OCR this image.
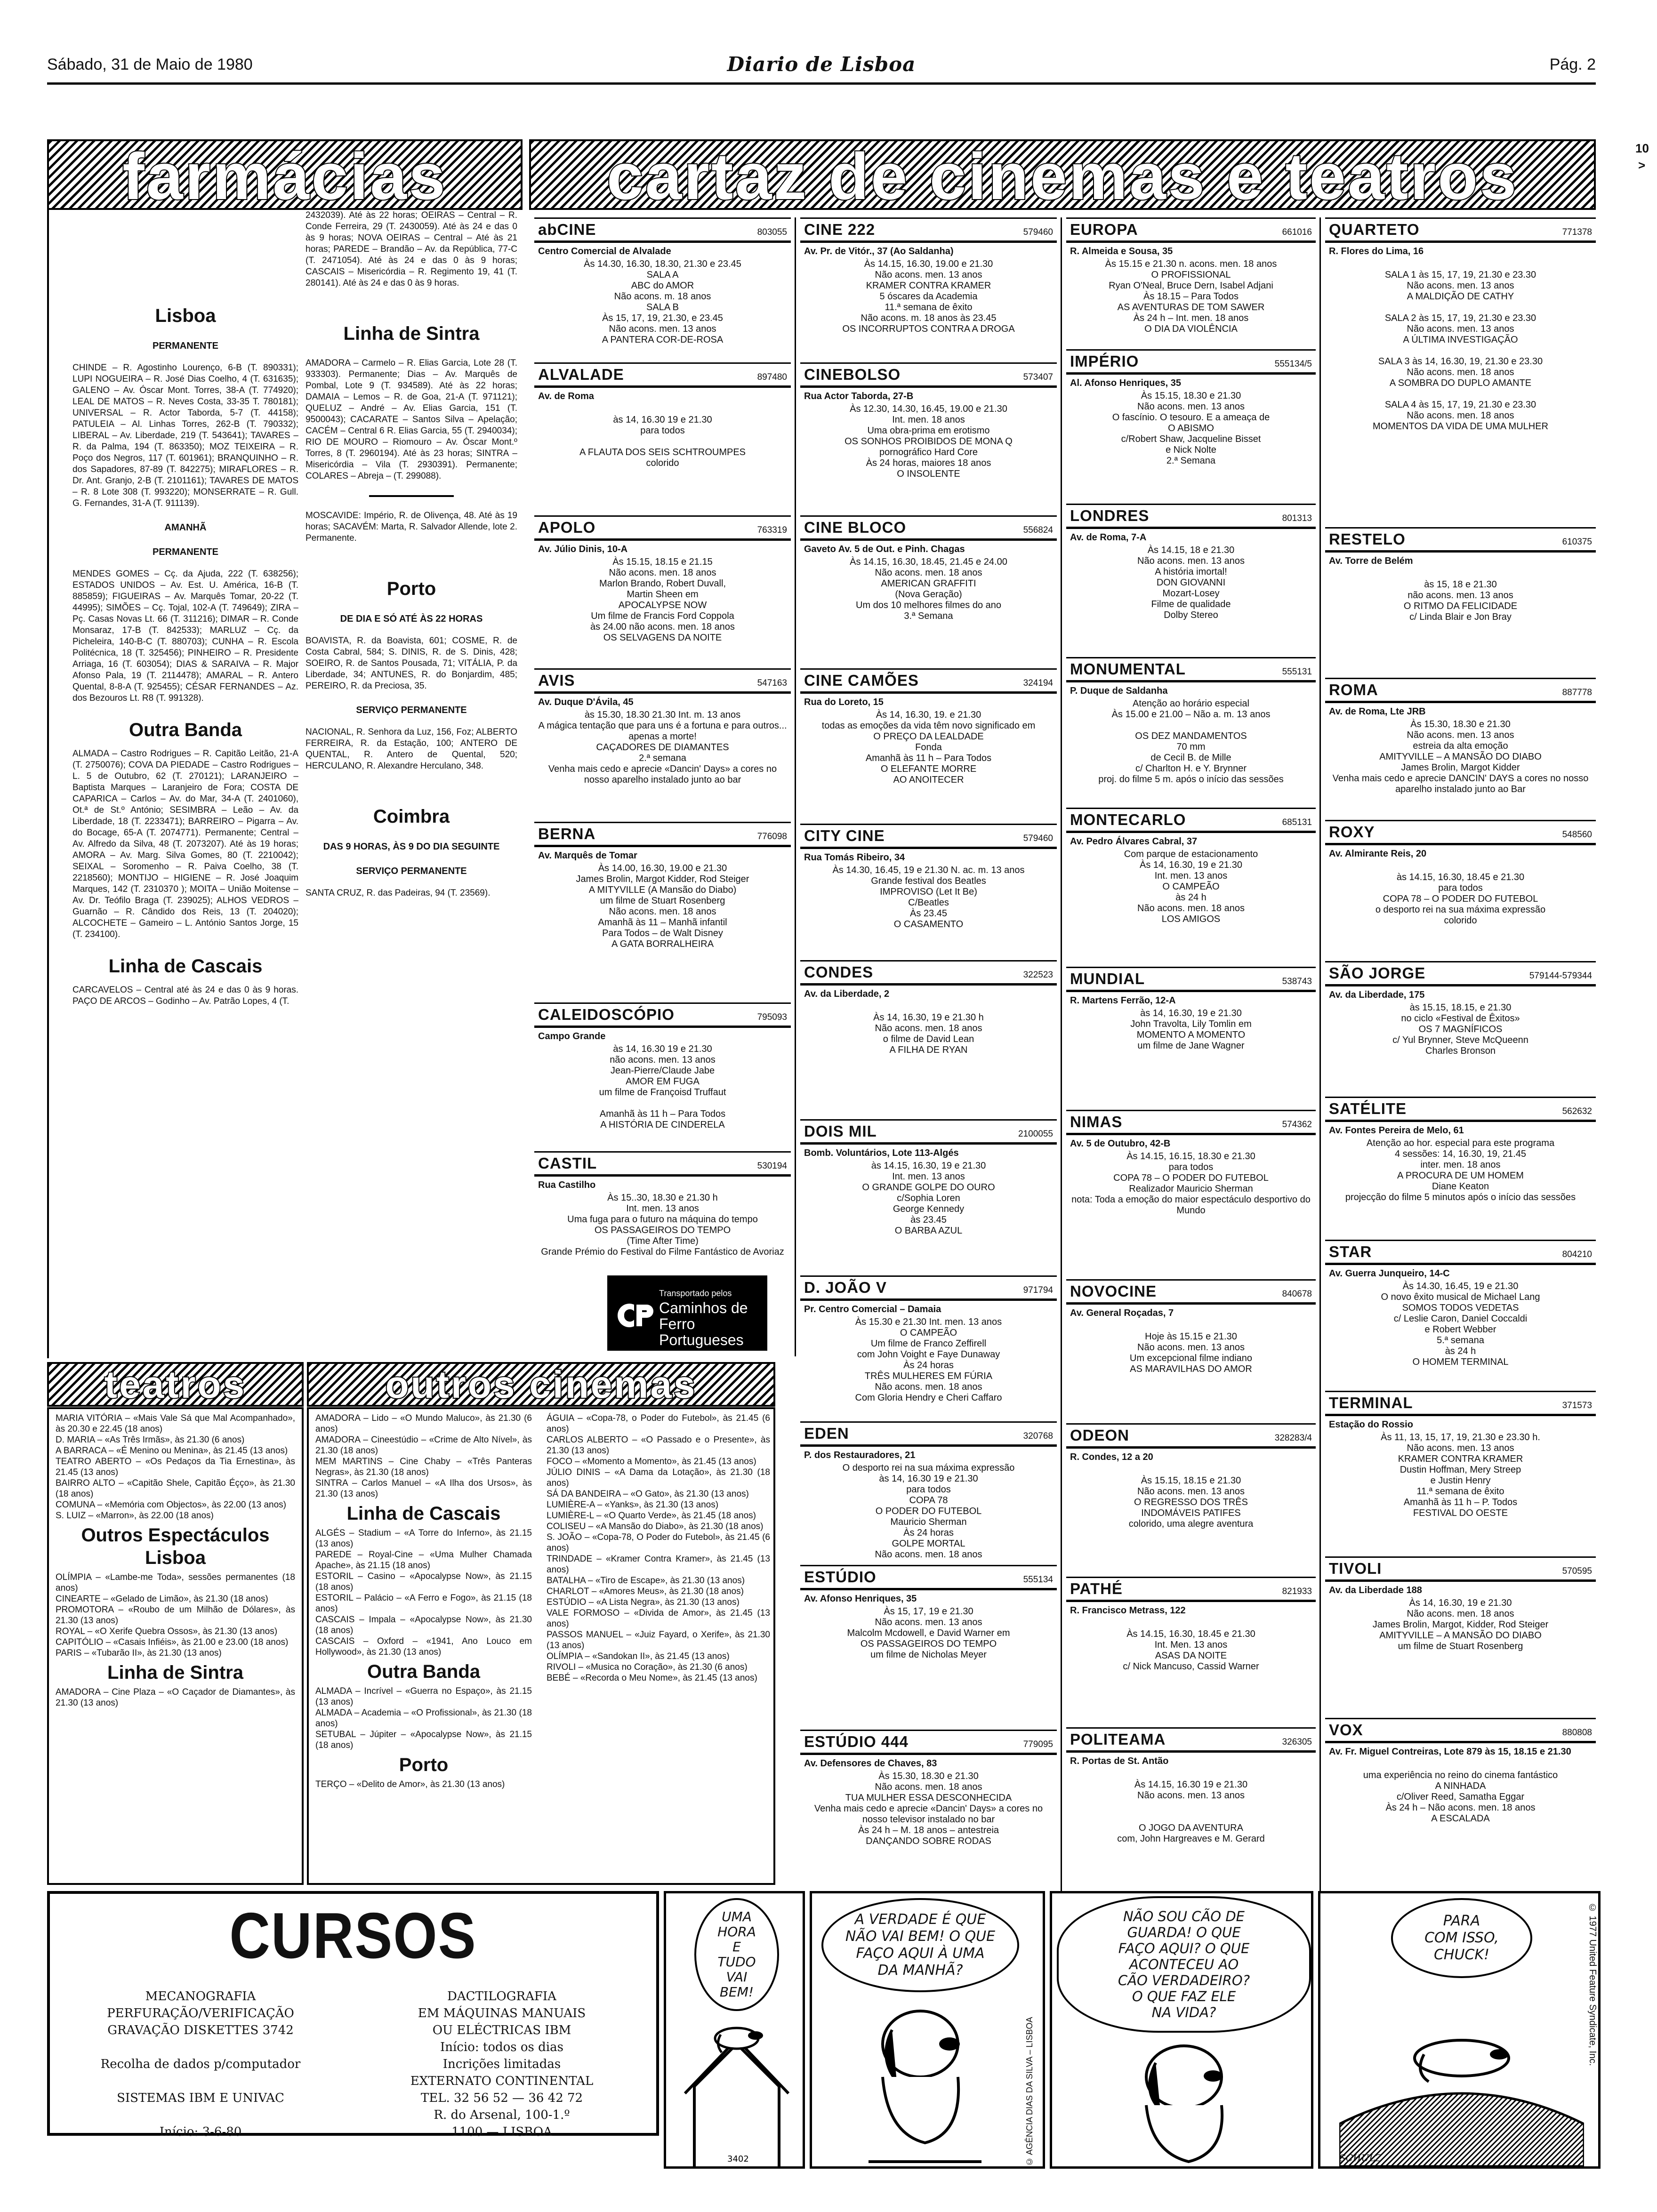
Sábado, 31 de Maio de 1980	Diario de Lisboa	Pág. 2
10
>
farmácias	cartaz de cinemas e teatros
Lisboa
PERMANENTE
CHINDE – R. Agostinho Lourenço, 6-B (T. 890331); LUPI NOGUEIRA – R. José Dias Coelho, 4 (T. 631635); GALENO – Av. Óscar Mont. Torres, 38-A (T. 774920); LEAL DE MATOS – R. Neves Costa, 33-35 T. 780181); UNIVERSAL – R. Actor Taborda, 5-7 (T. 44158); PATULEIA – Al. Linhas Torres, 262-B (T. 790332); LIBERAL – Av. Liberdade, 219 (T. 543641); TAVARES – R. da Palma, 194 (T. 863350); MOZ TEIXEIRA – R. Poço dos Negros, 117 (T. 601961); BRANQUINHO – R. dos Sapadores, 87-89 (T. 842275); MIRAFLORES – R. Dr. Ant. Granjo, 2-B (T. 2101161); TAVARES DE MATOS – R. 8 Lote 308 (T. 993220); MONSERRATE – R. Gull. G. Fernandes, 31-A (T. 911139).
AMANHÃ
PERMANENTE
MENDES GOMES – Cç. da Ajuda, 222 (T. 638256); ESTADOS UNIDOS – Av. Est. U. América, 16-B (T. 885859); FIGUEIRAS – Av. Marquês Tomar, 20-22 (T. 44995); SIMÕES – Cç. Tojal, 102-A (T. 749649); ZIRA – Pç. Casas Novas Lt. 66 (T. 311216); DIMAR – R. Conde Monsaraz, 17-B (T. 842533); MARLUZ – Cç. da Picheleira, 140-B-C (T. 880703); CUNHA – R. Escola Politécnica, 18 (T. 325456); PINHEIRO – R. Presidente Arriaga, 16 (T. 603054); DIAS & SARAIVA – R. Major Afonso Pala, 19 (T. 2114478); AMARAL – R. Antero Quental, 8-8-A (T. 925455); CÉSAR FERNANDES – Az. dos Bezouros Lt. R8 (T. 991328).
Outra Banda
ALMADA – Castro Rodrigues – R. Capitão Leitão, 21-A (T. 2750076); COVA DA PIEDADE – Castro Rodrigues – L. 5 de Outubro, 62 (T. 270121); LARANJEIRO – Baptista Marques – Laranjeiro de Fora; COSTA DE CAPARICA – Carlos – Av. do Mar, 34-A (T. 2401060), Ot.ª de St.º António; SESIMBRA – Leão – Av. da Liberdade, 18 (T. 2233471); BARREIRO – Pigarra – Av. do Bocage, 65-A (T. 2074771). Permanente; Central – Av. Alfredo da Silva, 48 (T. 2073207). Até às 19 horas; AMORA – Av. Marg. Silva Gomes, 80 (T. 2210042); SEIXAL – Soromenho – R. Paiva Coelho, 38 (T. 2218560); MONTIJO – HIGIENE – R. José Joaquim Marques, 142 (T. 2310370 ); MOITA – União Moitense – Av. Dr. Teófilo Braga (T. 239025); ALHOS VEDROS – Guarnão – R. Cândido dos Reis, 13 (T. 204020); ALCOCHETE – Gameiro – L. António Santos Jorge, 15 (T. 234100).
Linha de Cascais
CARCAVELOS – Central até às 24 e das 0 às 9 horas. PAÇO DE ARCOS – Godinho – Av. Patrão Lopes, 4 (T.
2432039). Até às 22 horas; OEIRAS – Central – R. Conde Ferreira, 29 (T. 2430059). Até às 24 e das 0 às 9 horas; NOVA OEIRAS – Central – Até às 21 horas; PAREDE – Brandão – Av. da República, 77-C (T. 2471054). Até às 24 e das 0 às 9 horas; CASCAIS – Misericórdia – R. Regimento 19, 41 (T. 280141). Até às 24 e das 0 às 9 horas.
Linha de Sintra
AMADORA – Carmelo – R. Elias Garcia, Lote 28 (T. 933303). Permanente; Dias – Av. Marquês de Pombal, Lote 9 (T. 934589). Até às 22 horas; DAMAIA – Lemos – R. de Goa, 21-A (T. 971121); QUELUZ – André – Av. Elias Garcia, 151 (T. 9500043); CACARATE – Santos Silva – Apelação; CACÉM – Central 6 R. Elias Garcia, 55 (T. 2940034); RIO DE MOURO – Riomouro – Av. Óscar Mont.º Torres, 8 (T. 2960194). Até às 23 horas; SINTRA – Misericórdia – Vila (T. 2930391). Permanente; COLARES – Abreja – (T. 299088).
MOSCAVIDE: Império, R. de Olivença, 48. Até às 19 horas; SACAVÉM: Marta, R. Salvador Allende, lote 2. Permanente.
Porto
DE DIA E SÓ ATÉ ÀS 22 HORAS
BOAVISTA, R. da Boavista, 601; COSME, R. de Costa Cabral, 584; S. DINIS, R. de S. Dinis, 428; SOEIRO, R. de Santos Pousada, 71; VITÁLIA, P. da Liberdade, 34; ANTUNES, R. do Bonjardim, 485; PEREIRO, R. da Preciosa, 35.
SERVIÇO PERMANENTE
NACIONAL, R. Senhora da Luz, 156, Foz; ALBERTO FERREIRA, R. da Estação, 100; ANTERO DE QUENTAL, R. Antero de Quental, 520; HERCULANO, R. Alexandre Herculano, 348.
Coimbra
DAS 9 HORAS, ÀS 9 DO DIA SEGUINTE
SERVIÇO PERMANENTE
SANTA CRUZ, R. das Padeiras, 94 (T. 23569).
abCINE	803055
Centro Comercial de Alvalade
Às 14.30, 16.30, 18.30, 21.30 e 23.45
SALA A
ABC do AMOR
Não acons. m. 18 anos
SALA B
Às 15, 17, 19, 21.30, e 23.45
Não acons. men. 13 anos
A PANTERA COR-DE-ROSA
ALVALADE	897480
Av. de Roma

às 14, 16.30 19 e 21.30
para todos

A FLAUTA DOS SEIS SCHTROUMPES
colorido
APOLO	763319
Av. Júlio Dinis, 10-A
Às 15.15, 18.15 e 21.15
Não acons. men. 18 anos
Marlon Brando, Robert Duvall,
Martin Sheen em
APOCALYPSE NOW
Um filme de Francis Ford Coppola
às 24.00 não acons. men. 18 anos
OS SELVAGENS DA NOITE
AVIS	547163
Av. Duque D'Ávila, 45
às 15.30, 18.30 21.30 Int. m. 13 anos
A mágica tentação que para uns é a fortuna e para outros... apenas a morte!
CAÇADORES DE DIAMANTES
2.ª semana
Venha mais cedo e aprecie «Dancin' Days» a cores no nosso aparelho instalado junto ao bar
BERNA	776098
Av. Marquês de Tomar
Às 14.00, 16.30, 19.00 e 21.30
James Brolin, Margot Kidder, Rod Steiger
A MITYVILLE (A Mansão do Diabo)
um filme de Stuart Rosenberg
Não acons. men. 18 anos
Amanhã às 11 – Manhã infantil
Para Todos – de Walt Disney
A GATA BORRALHEIRA
CALEIDOSCÓPIO	795093
Campo Grande
às 14, 16.30 19 e 21.30
não acons. men. 13 anos
Jean-Pierre/Claude Jabe
AMOR EM FUGA
um filme de Françoisd Truffaut

Amanhã às 11 h – Para Todos
A HISTÓRIA DE CINDERELA
CASTIL	530194
Rua Castilho
Às 15..30, 18.30 e 21.30 h
Int. men. 13 anos
Uma fuga para o futuro na máquina do tempo
OS PASSAGEIROS DO TEMPO
(Time After Time)
Grande Prémio do Festival do Filme Fantástico de Avoriaz
CINE 222	579460
Av. Pr. de Vitór., 37 (Ao Saldanha)
Às 14.15, 16.30, 19.00 e 21.30
Não acons. men. 13 anos
KRAMER CONTRA KRAMER
5 óscares da Academia
11.ª semana de êxito
Não acons. m. 18 anos às 23.45
OS INCORRUPTOS CONTRA A DROGA
CINEBOLSO	573407
Rua Actor Taborda, 27-B
Às 12.30, 14.30, 16.45, 19.00 e 21.30
Int. men. 18 anos
Uma obra-prima em erotismo
OS SONHOS PROIBIDOS DE MONA Q
pornográfico Hard Core
Às 24 horas, maiores 18 anos
O INSOLENTE
CINE BLOCO	556824
Gaveto Av. 5 de Out. e Pinh. Chagas
Às 14.15, 16.30, 18.45, 21.45 e 24.00
Não acons. men. 18 anos
AMERICAN GRAFFITI
(Nova Geração)
Um dos 10 melhores filmes do ano
3.ª Semana
CINE CAMÕES	324194
Rua do Loreto, 15
Às 14, 16.30, 19. e 21.30
todas as emoções da vida têm novo significado em
O PREÇO DA LEALDADE
Fonda
Amanhã às 11 h – Para Todos
O ELEFANTE MORRE
AO ANOITECER
CITY CINE	579460
Rua Tomás Ribeiro, 34
Às 14.30, 16.45, 19 e 21.30 N. ac. m. 13 anos
Grande festival dos Beatles
IMPROVISO (Let It Be)
C/Beatles
Às 23.45
O CASAMENTO
CONDES	322523
Av. da Liberdade, 2

Às 14, 16.30, 19 e 21.30 h
Não acons. men. 18 anos
o filme de David Lean
A FILHA DE RYAN
DOIS MIL	2100055
Bomb. Voluntários, Lote 113-Algés
às 14.15, 16.30, 19 e 21.30
Int. men. 13 anos
O GRANDE GOLPE DO OURO
c/Sophia Loren
George Kennedy
às 23.45
O BARBA AZUL
D. JOÃO V	971794
Pr. Centro Comercial – Damaia
Às 15.30 e 21.30 Int. men. 13 anos
O CAMPEÃO
Um filme de Franco Zeffirell
com John Voight e Faye Dunaway
Às 24 horas
TRÊS MULHERES EM FÚRIA
Não acons. men. 18 anos
Com Gloria Hendry e Cheri Caffaro
EDEN	320768
P. dos Restauradores, 21
O desporto rei na sua máxima expressão
às 14, 16.30 19 e 21.30
para todos
COPA 78
O PODER DO FUTEBOL
Mauricio Sherman
Às 24 horas
GOLPE MORTAL
Não acons. men. 18 anos
ESTÚDIO	555134
Av. Afonso Henriques, 35
Às 15, 17, 19 e 21.30
Não acons. men. 13 anos
Malcolm Mcdowell, e David Warner em
OS PASSAGEIROS DO TEMPO
um filme de Nicholas Meyer
ESTÚDIO 444	779095
Av. Defensores de Chaves, 83
Às 15.30, 18.30 e 21.30
Não acons. men. 18 anos
TUA MULHER ESSA DESCONHECIDA
Venha mais cedo e aprecie «Dancin' Days» a cores no nosso televisor instalado no bar
Às 24 h – M. 18 anos – antestreia
DANÇANDO SOBRE RODAS
EUROPA	661016
R. Almeida e Sousa, 35
Às 15.15 e 21.30 n. acons. men. 18 anos
O PROFISSIONAL
Ryan O'Neal, Bruce Dern, Isabel Adjani
Às 18.15 – Para Todos
AS AVENTURAS DE TOM SAWER
Às 24 h – Int. men. 18 anos
O DIA DA VIOLÊNCIA
IMPÉRIO	555134/5
Al. Afonso Henriques, 35
Às 15.15, 18.30 e 21.30
Não acons. men. 13 anos
O fascínio. O tesouro. E a ameaça de
O ABISMO
c/Robert Shaw, Jacqueline Bisset
e Nick Nolte
2.ª Semana
LONDRES	801313
Av. de Roma, 7-A
Às 14.15, 18 e 21.30
Não acons. men. 13 anos
A história imortal!
DON GIOVANNI
Mozart-Losey
Filme de qualidade
Dolby Stereo
MONUMENTAL	555131
P. Duque de Saldanha
Atenção ao horário especial
Às 15.00 e 21.00 – Não a. m. 13 anos

OS DEZ MANDAMENTOS
70 mm
de Cecil B. de Mille
c/ Charlton H. e Y. Brynner
proj. do filme 5 m. após o início das sessões
MONTECARLO	685131
Av. Pedro Álvares Cabral, 37
Com parque de estacionamento
Às 14, 16.30, 19 e 21.30
Int. men. 13 anos
O CAMPEÃO
às 24 h
Não acons. men. 18 anos
LOS AMIGOS
MUNDIAL	538743
R. Martens Ferrão, 12-A
às 14, 16.30, 19 e 21.30
John Travolta, Lily Tomlin em
MOMENTO A MOMENTO
um filme de Jane Wagner
NIMAS	574362
Av. 5 de Outubro, 42-B
Às 14.15, 16.15, 18.30 e 21.30
para todos
COPA 78 – O PODER DO FUTEBOL
Realizador Mauricio Sherman
nota: Toda a emoção do maior espectáculo desportivo do Mundo
NOVOCINE	840678
Av. General Roçadas, 7

Hoje às 15.15 e 21.30
Não acons. men. 13 anos
Um excepcional filme indiano
AS MARAVILHAS DO AMOR
ODEON	328283/4
R. Condes, 12 a 20

Às 15.15, 18.15 e 21.30
Não acons. men. 13 anos
O REGRESSO DOS TRÊS
INDOMÁVEIS PATIFES
colorido, uma alegre aventura
PATHÉ	821933
R. Francisco Metrass, 122

Às 14.15, 16.30, 18.45 e 21.30
Int. Men. 13 anos
ASAS DA NOITE
c/ Nick Mancuso, Cassid Warner
POLITEAMA	326305
R. Portas de St. Antão

Às 14.15, 16.30 19 e 21.30
Não acons. men. 13 anos

O JOGO DA AVENTURA
com, John Hargreaves e M. Gerard
QUARTETO	771378
R. Flores do Lima, 16

SALA 1 às 15, 17, 19, 21.30 e 23.30
Não acons. men. 13 anos
A MALDIÇÃO DE CATHY

SALA 2 às 15, 17, 19, 21.30 e 23.30
Não acons. men. 13 anos
A ÚLTIMA INVESTIGAÇÃO

SALA 3 às 14, 16.30, 19, 21.30 e 23.30
Não acons. men. 18 anos
A SOMBRA DO DUPLO AMANTE

SALA 4 às 15, 17, 19, 21.30 e 23.30
Não acons. men. 18 anos
MOMENTOS DA VIDA DE UMA MULHER
RESTELO	610375
Av. Torre de Belém

às 15, 18 e 21.30
não acons. men. 13 anos
O RITMO DA FELICIDADE
c/ Linda Blair e Jon Bray
ROMA	887778
Av. de Roma, Lte JRB
Às 15.30, 18.30 e 21.30
Não acons. men. 13 anos
estreia da alta emoção
AMITYVILLE – A MANSÃO DO DIABO
James Brolin, Margot Kidder
Venha mais cedo e aprecie DANCIN' DAYS a cores no nosso aparelho instalado junto ao Bar
ROXY	548560
Av. Almirante Reis, 20

às 14.15, 16.30, 18.45 e 21.30
para todos
COPA 78 – O PODER DO FUTEBOL
o desporto rei na sua máxima expressão
colorido
SÃO JORGE	579144-579344
Av. da Liberdade, 175
às 15.15, 18.15, e 21.30
no ciclo «Festival de Êxitos»
OS 7 MAGNÍFICOS
c/ Yul Brynner, Steve McQueenn
Charles Bronson
SATÉLITE	562632
Av. Fontes Pereira de Melo, 61
Atenção ao hor. especial para este programa
4 sessões: 14, 16.30, 19, 21.45
inter. men. 18 anos
A PROCURA DE UM HOMEM
Diane Keaton
projecção do filme 5 minutos após o início das sessões
STAR	804210
Av. Guerra Junqueiro, 14-C
Às 14.30, 16.45, 19 e 21.30
O novo êxito musical de Michael Lang
SOMOS TODOS VEDETAS
c/ Leslie Caron, Daniel Coccaldi
e Robert Webber
5.ª semana
às 24 h
O HOMEM TERMINAL
TERMINAL	371573
Estação do Rossio
Às 11, 13, 15, 17, 19, 21.30 e 23.30 h.
Não acons. men. 13 anos
KRAMER CONTRA KRAMER
Dustin Hoffman, Mery Streep
e Justin Henry
11.ª semana de êxito
Amanhã às 11 h – P. Todos
FESTIVAL DO OESTE
TIVOLI	570595
Av. da Liberdade 188
Às 14, 16.30, 19 e 21.30
Não acons. men. 18 anos
James Brolin, Margot, Kidder, Rod Steiger
AMITYVILLE – A MANSÃO DO DIABO
um filme de Stuart Rosenberg
VOX	880808
Av. Fr. Miguel Contreiras, Lote 879 às 15, 18.15 e 21.30

uma experiência no reino do cinema fantástico
A NINHADA
c/Oliver Reed, Samatha Eggar
Às 24 h – Não acons. men. 18 anos
A ESCALADA
Transportado pelos
Caminhos de Ferro Portugueses
teatros	outros cinemas
MARIA VITÓRIA – «Mais Vale Sá que Mal Acompanhado», às 20.30 e 22.45 (18 anos)
D. MARIA – «As Três Irmãs», às 21.30 (6 anos)
A BARRACA – «É Menino ou Menina», às 21.45 (13 anos)
TEATRO ABERTO – «Os Pedaços da Tia Ernestina», às 21.45 (13 anos)
BAIRRO ALTO – «Capitão Shele, Capitão Éçço», às 21.30 (18 anos)
COMUNA – «Memória com Objectos», às 22.00 (13 anos)
S. LUIZ – «Marron», às 22.00 (18 anos)
Outros Espectáculos Lisboa
OLÍMPIA – «Lambe-me Toda», sessões permanentes (18 anos)
CINEARTE – «Gelado de Limão», às 21.30 (18 anos)
PROMOTORA – «Roubo de um Milhão de Dólares», às 21.30 (13 anos)
ROYAL – «O Xerife Quebra Ossos», às 21.30 (13 anos)
CAPITÓLIO – «Casais Infiéis», às 21.00 e 23.00 (18 anos)
PARIS – «Tubarão II», às 21.30 (13 anos)
Linha de Sintra
AMADORA – Cine Plaza – «O Caçador de Diamantes», às 21.30 (13 anos)
AMADORA – Lido – «O Mundo Maluco», às 21.30 (6 anos)
AMADORA – Cineestúdio – «Crime de Alto Nível», às 21.30 (18 anos)
MEM MARTINS – Cine Chaby – «Três Panteras Negras», às 21.30 (18 anos)
SINTRA – Carlos Manuel – «A Ilha dos Ursos», às 21.30 (13 anos)
Linha de Cascais
ALGÉS – Stadium – «A Torre do Inferno», às 21.15 (13 anos)
PAREDE – Royal-Cine – «Uma Mulher Chamada Apache», às 21.15 (18 anos)
ESTORIL – Casino – «Apocalypse Now», às 21.15 (18 anos)
ESTORIL – Palácio – «A Ferro e Fogo», às 21.15 (18 anos)
CASCAIS – Impala – «Apocalypse Now», às 21.30 (18 anos)
CASCAIS – Oxford – «1941, Ano Louco em Hollywood», às 21.30 (13 anos)
Outra Banda
ALMADA – Incrível – «Guerra no Espaço», às 21.15 (13 anos)
ALMADA – Academia – «O Profissional», às 21.30 (18 anos)
SETUBAL – Júpiter – «Apocalypse Now», às 21.15 (18 anos)
Porto
TERÇO – «Delito de Amor», às 21.30 (13 anos)
ÁGUIA – «Copa-78, o Poder do Futebol», às 21.45 (6 anos)
CARLOS ALBERTO – «O Passado e o Presente», às 21.30 (13 anos)
FOCO – «Momento a Momento», às 21.45 (13 anos)
JÚLIO DINIS – «A Dama da Lotação», às 21.30 (18 anos)
SÁ DA BANDEIRA – «O Gato», às 21.30 (13 anos)
LUMIÈRE-A – «Yanks», às 21.30 (13 anos)
LUMIÈRE-L – «O Quarto Verde», às 21.45 (18 anos)
COLISEU – «A Mansão do Diabo», às 21.30 (18 anos)
S. JOÃO – «Copa-78, O Poder do Futebol», às 21.45 (6 anos)
TRINDADE – «Kramer Contra Kramer», às 21.45 (13 anos)
BATALHA – «Tiro de Escape», às 21.30 (13 anos)
CHARLOT – «Amores Meus», às 21.30 (18 anos)
ESTÚDIO – «A Lista Negra», às 21.30 (13 anos)
VALE FORMOSO – «Divida de Amor», às 21.45 (13 anos)
PASSOS MANUEL – «Juiz Fayard, o Xerife», às 21.30 (13 anos)
OLÍMPIA – «Sandokan II», às 21.45 (13 anos)
RIVOLI – «Musica no Coração», às 21.30 (6 anos)
BEBÉ – «Recorda o Meu Nome», às 21.45 (13 anos)
CURSOS
MECANOGRAFIA
PERFURAÇÃO/VERIFICAÇÃO
GRAVAÇÃO DISKETTES 3742

Recolha de dados p/computador

SISTEMAS IBM E UNIVAC

Início: 3-6-80
DACTILOGRAFIA
EM MÁQUINAS MANUAIS
OU ELÉCTRICAS IBM
Início: todos os dias
Incrições limitadas
EXTERNATO CONTINENTAL
TEL. 32 56 52 — 36 42 72
R. do Arsenal, 100-1.º
1100 — LISBOA
UMA
HORA
E
TUDO
VAI
BEM!
3402
A VERDADE É QUE
NÃO VAI BEM! O QUE
FAÇO AQUI À UMA
DA MANHÃ?
© AGÊNCIA DIAS DA SILVA – LISBOA
NÃO SOU CÃO DE
GUARDA! O QUE
FAÇO AQUI? O QUE
ACONTECEU AO
CÃO VERDADEIRO?
O QUE FAZ ELE
NA VIDA?
PARA
COM ISSO,
CHUCK!
SCHULZ
© 1977 United Feature Syndicate, Inc.
